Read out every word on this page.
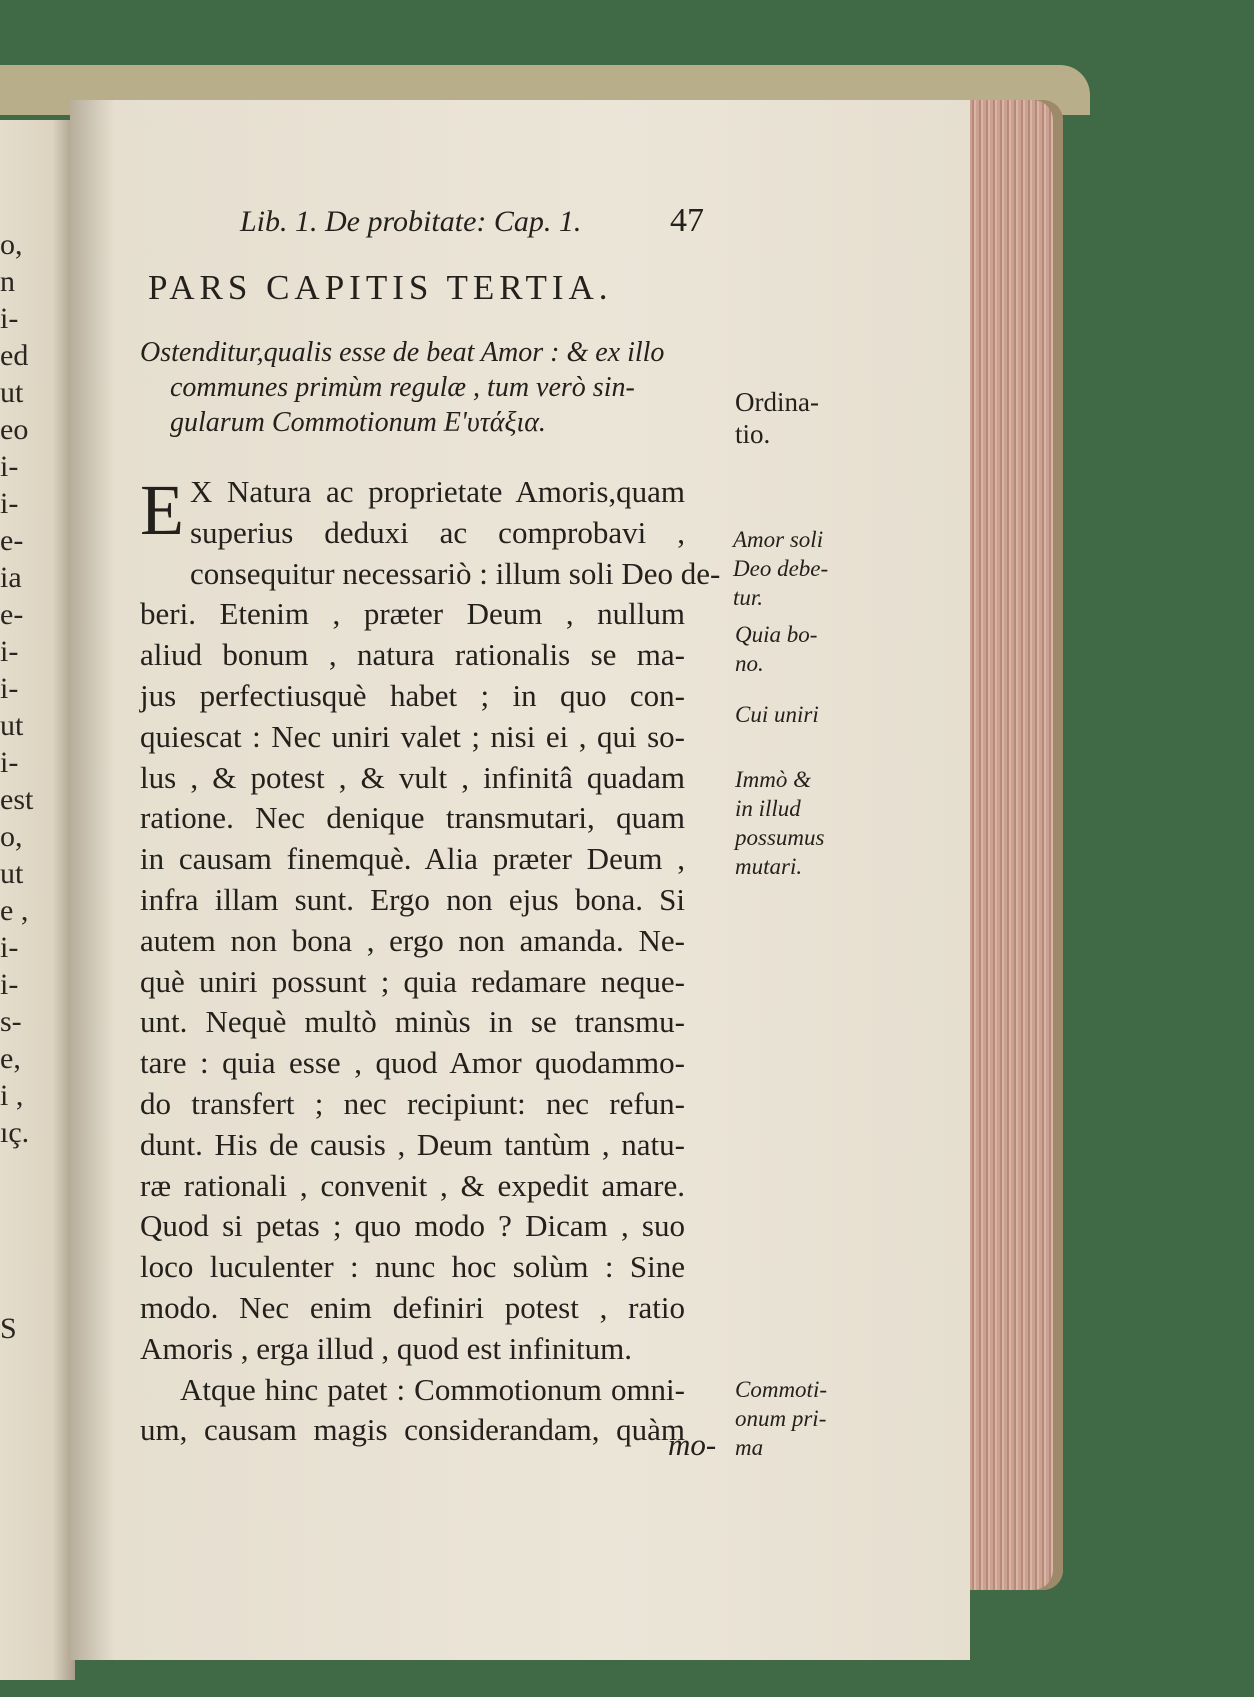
o,
n
i-
ed
ut
eo
i-
i-
e-
ia
e-
i-
i-
ut
i-
est
o,
ut
e ,
i-
i-
s-
e,
i ,
ıç.
S
Lib. 1. De probitate: Cap. 1.	47
PARS CAPITIS TERTIA.
Ostenditur,qualis esse de beat Amor : & ex illo
communes primùm regulæ , tum verò sin-
gularum Commotionum Ε'υτάξια.
E X Natura ac proprietate Amoris,quam
superius deduxi ac comprobavi ,
consequitur necessariò : illum soli Deo de-
beri. Etenim , præter Deum , nullum
aliud bonum , natura rationalis se ma-
jus perfectiusquè habet ; in quo con-
quiescat : Nec uniri valet ; nisi ei , qui so-
lus , & potest , & vult , infinitâ quadam
ratione. Nec denique transmutari, quam
in causam finemquè. Alia præter Deum ,
infra illam sunt. Ergo non ejus bona. Si
autem non bona , ergo non amanda. Ne-
què uniri possunt ; quia redamare neque-
unt. Nequè multò minùs in se transmu-
tare : quia esse , quod Amor quodammo-
do transfert ; nec recipiunt: nec refun-
dunt. His de causis , Deum tantùm , natu-
ræ rationali , convenit , & expedit amare.
Quod si petas ; quo modo ? Dicam , suo
loco luculenter : nunc hoc solùm : Sine
modo. Nec enim definiri potest , ratio
Amoris , erga illud , quod est infinitum.
Atque hinc patet : Commotionum omni-
um, causam magis considerandam, quàm
mo-
Ordina-
tio.
Amor soli
Deo debe-
tur.
Quia bo-
no.
Cui uniri
Immò &
in illud
possumus
mutari.
Commoti-
onum pri-
ma
